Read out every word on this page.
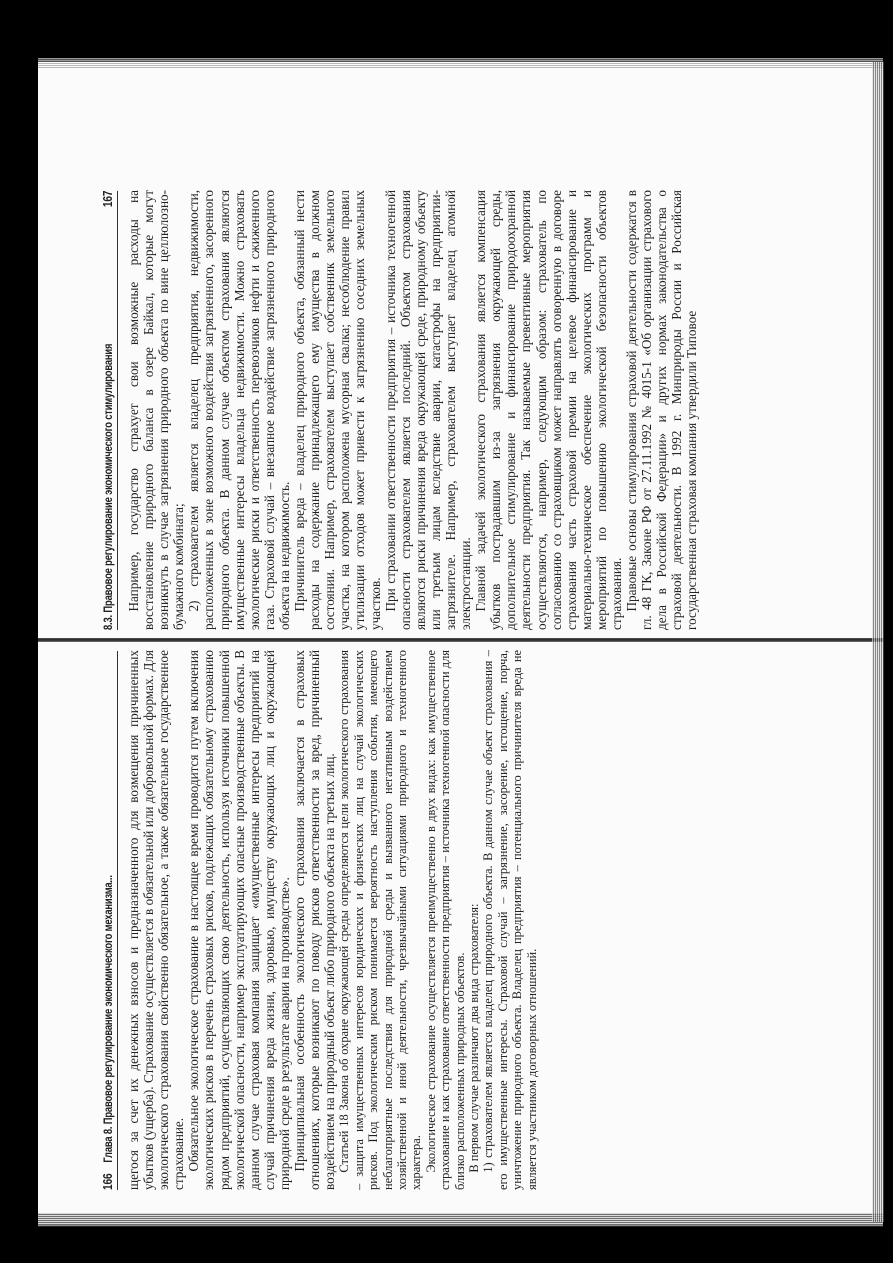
8.3. Правовое регулирование экономического стимулирования
167 Например, государство страхует свои возможные расходы на восстановление природного баланса в озере Байкал, которые могут возникнуть в случае загрязнения природного объекта по вине целлюлозно-бумажного комбината; 2) страхователем является владелец предприятия, недвижимости, расположенных в зоне возможного воздействия загрязненного, засоренного природного объекта. В данном случае объектом страхования являются имущественные интересы владельца недвижимости. Можно страховать экологические риски и ответственность перевозчиков нефти и сжиженного газа. Страховой случай – внезапное воздействие загрязненного природного объекта на недвижимость. Причинитель вреда – владелец природного объекта, обязанный нести расходы на содержание принадлежащего ему имущества в должном состоянии. Например, страхователем выступает собственник земельного участка, на котором расположена мусорная свалка; несоблюдение правил утилизации отходов может привести к загрязнению соседних земельных участков. При страховании ответственности предприятия – источника техногенной опасности страхователем является последний. Объектом страхования являются риски причинения вреда окружающей среде, природному объекту или третьим лицам вследствие аварии, катастрофы на предприятии-загрязнителе. Например, страхователем выступает владелец атомной электростанции. Главной задачей экологического страхования является компенсация убытков пострадавшим из-за загрязнения окружающей среды, дополнительное стимулирование и финансирование природоохранной деятельности предприятия. Так называемые превентивные мероприятия осуществляются, например, следующим образом: страхователь по согласованию со страховщиком может направлять оговоренную в договоре страхования часть страховой премии на целевое финансирование и материально-техническое обеспечение экологических программ и мероприятий по повышению экологической безопасности объектов страхования. Правовые основы стимулирования страховой деятельности содержатся в гл. 48 ГК, Законе РФ от 27.11.1992 № 4015-1 «Об организации страхового дела в Российской Федерации» и других нормах законодательства о страховой деятельности. В 1992 г. Минприроды России и Российская государственная страховая компания утвердили Типовое

166
Глава 8. Правовое регулирование экономического механизма... щегося за счет их денежных взносов и предназначенного для возмещения причиненных убытков (ущерба). Страхование осуществляется в обязательной или добровольной формах. Для экологического страхования свойственно обязательное, а также обязательное государственное страхование. Обязательное экологическое страхование в настоящее время проводится путем включения экологических рисков в перечень страховых рисков, подлежащих обязательному страхованию рядом предприятий, осуществляющих свою деятельность, используя источники повышенной экологической опасности, например эксплуатирующих опасные производственные объекты. В данном случае страховая компания защищает «имущественные интересы предприятий на случай причинения вреда жизни, здоровью, имуществу окружающих лиц и окружающей природной среде в результате аварии на производстве». Принципиальная особенность экологического страхования заключается в страховых отношениях, которые возникают по поводу рисков ответственности за вред, причиненный воздействием на природный объект либо природного объекта на третьих лиц. Статьей 18 Закона об охране окружающей среды определяются цели экологического страхования – защита имущественных интересов юридических и физических лиц на случай экологических рисков. Под экологическим риском понимается вероятность наступления события, имеющего неблагоприятные последствия для природной среды и вызванного негативным воздействием хозяйственной и иной деятельности, чрезвычайными ситуациями природного и техногенного характера. Экологическое страхование осуществляется преимущественно в двух видах: как имущественное страхование и как страхование ответственности предприятия – источника техногенной опасности для близко расположенных природных объектов. В первом случае различают два вида страхователя: 1) страхователем является владелец природного объекта. В данном случае объект страхования – его имущественные интересы. Страховой случай – загрязнение, засорение, истощение, порча, уничтожение природного объекта. Владелец предприятия – потенциального причинителя вреда не является участником договорных отношений.
